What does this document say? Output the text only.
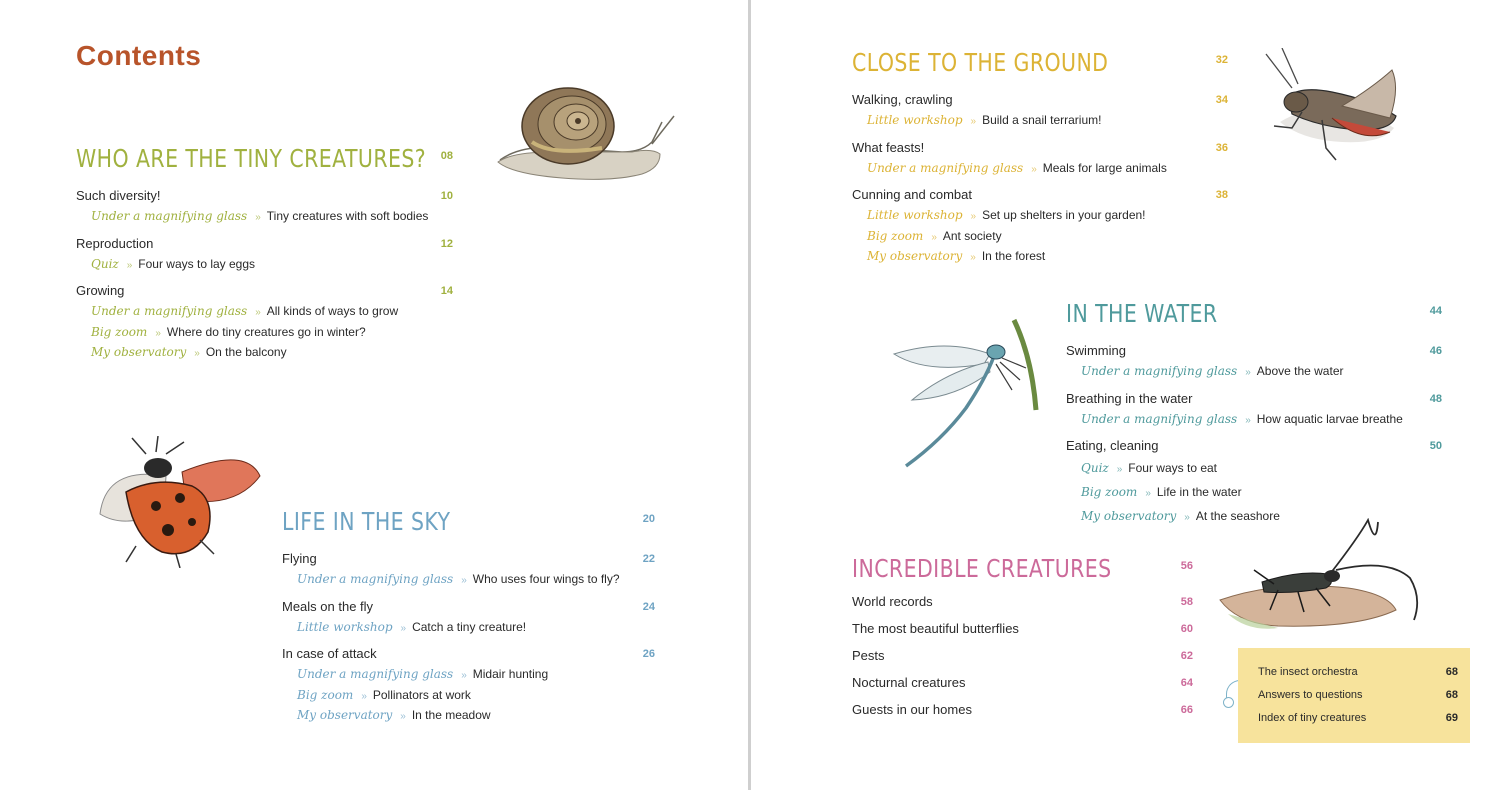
Contents
WHO ARE THE TINY CREATURES? 08
Such diversity!	10
Under a magnifying glass » Tiny creatures with soft bodies
Reproduction	12
Quiz » Four ways to lay eggs
Growing	14
Under a magnifying glass » All kinds of ways to grow
Big zoom » Where do tiny creatures go in winter?
My observatory » On the balcony
LIFE IN THE SKY	20
Flying	22
Under a magnifying glass » Who uses four wings to fly?
Meals on the fly	24
Little workshop » Catch a tiny creature!
In case of attack	26
Under a magnifying glass » Midair hunting
Big zoom » Pollinators at work
My observatory » In the meadow
CLOSE TO THE GROUND	32
Walking, crawling	34
Little workshop » Build a snail terrarium!
What feasts!	36
Under a magnifying glass » Meals for large animals
Cunning and combat	38
Little workshop » Set up shelters in your garden!
Big zoom » Ant society
My observatory » In the forest
IN THE WATER	44
Swimming	46
Under a magnifying glass » Above the water
Breathing in the water	48
Under a magnifying glass » How aquatic larvae breathe
Eating, cleaning	50
Quiz » Four ways to eat
Big zoom » Life in the water
My observatory » At the seashore
INCREDIBLE CREATURES	56
World records	58
The most beautiful butterflies	60
Pests	62
Nocturnal creatures	64
Guests in our homes	66
The insect orchestra	68
Answers to questions	68
Index of tiny creatures	69
